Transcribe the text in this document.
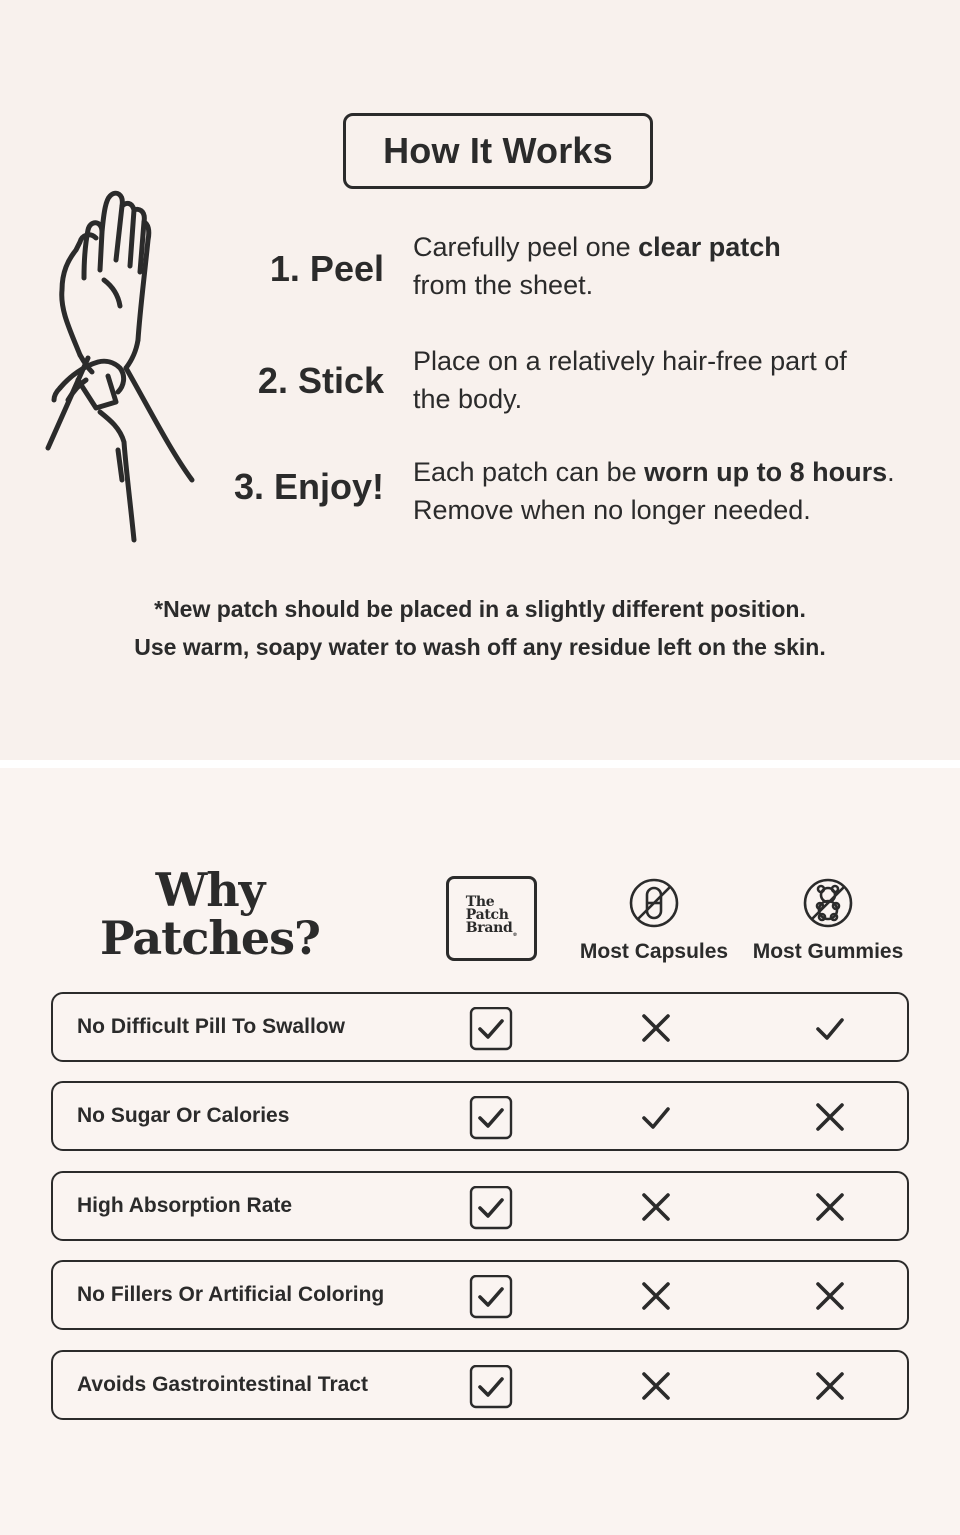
How It Works
1. Peel
Carefully peel one clear patch
from the sheet.
2. Stick Place on a relatively hair-free part of
the body.
3. Enjoy! Each patch can be worn up to 8 hours.
Remove when no longer needed.
*New patch should be placed in a slightly different position.
Use warm, soapy water to wash off any residue left on the skin.
Why
Patches?
The
Patch
Brand$_®$
Most Capsules	Most Gummies
No Difficult Pill To Swallow
No Sugar Or Calories
High Absorption Rate
No Fillers Or Artificial Coloring
Avoids Gastrointestinal Tract
